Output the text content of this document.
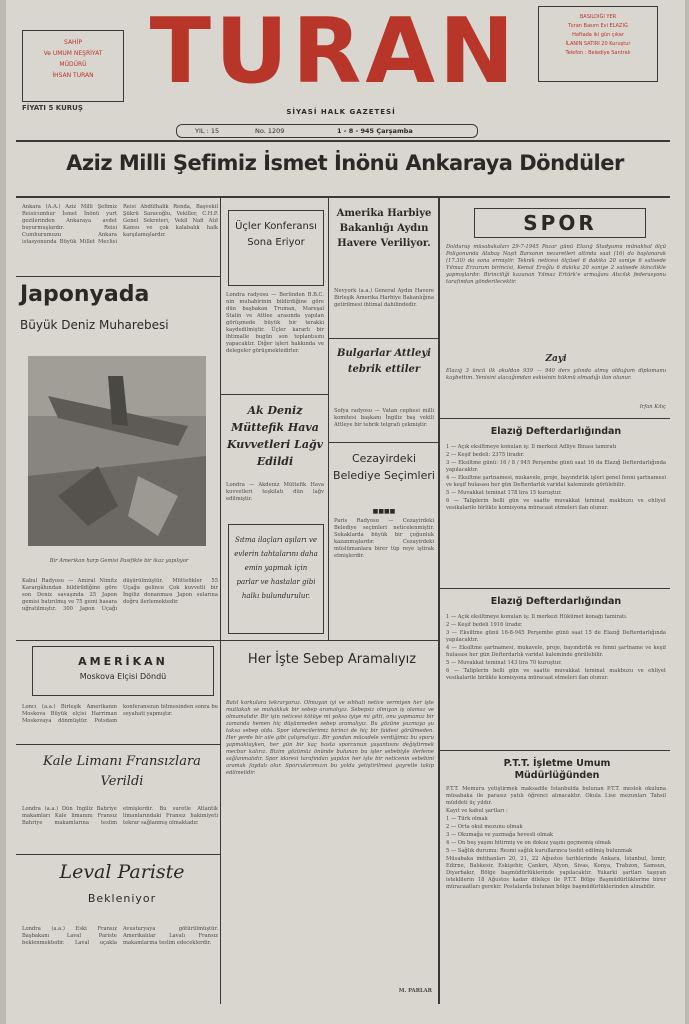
SAHİP
Ve UMUM NEŞRİYAT
MÜDÜRÜ
İHSAN TURAN TURAN	BASILDIĞI YER
Turan Basım Evi ELAZIĞ
Haftada iki gün çıkar
İLANIN SATIRI 20 Kuruştur
Telefon : Belediye Santralı
FİYATI 5 KURUŞ	SİYASİ HALK GAZETESİ
YIL : 15	No. 1209	1 - 8 - 945 Çarşamba
Aziz Milli Şefimiz İsmet İnönü Ankaraya Döndüler
Ankara (A.A.) Aziz Milli Şefimiz Reisicumhur İsmet İnönü yurt gezilerinden Ankaraya avdet buyurmuşlardır. Reisi Cumhurumuzu Ankara istasyonunda Büyük Millet Meclisi Reisi Abdülhalik Renda, Başvekil Şükrü Saracoğlu, Vekiller, C.H.P. Genel Sekreteri, Vekil Nafi Atıf Kansu ve çok kalabalık halk karşılamışlardır.
Japonyada
Büyük Deniz Muharebesi
Bir Amerikan harp Gemisi Pasifikte bir ikaz yapılıyor
Kabul Radyosu — Amiral Nimitz Karargâhından bildirildiğine göre son Deniz savaşında 25 Japon gemisi batırılmış ve 75 gemi hasara uğratılmıştır. 300 Japon Uçağı düşürülmüştür. Müttefikler 55 Uçağa gelince Çok kuvvetli bir İngiliz donanması Japon sularına doğru ilerlemektedir.
Üçler Konferansı Sona Eriyor
Londra radyosu — Berlinden B.B.C. nin muhabirinin bildirdiğine göre dün başbakan Truman, Mareşal Stalin ve Attlee arasında yapılan görüşmede büyük bir terakki kaydedilmiştir. Üçler kararlı bir ihtimalle bugün son toplantısını yapacaktır. Diğer işleri hakkında ve delegeler görüşmektedirler.
Ak Deniz Müttefik Hava Kuvvetleri Lağv Edildi
Londra — Akdeniz Müttefik Hava kuvvetleri teşkilatı dün lağv edilmiştir.
Sıtma ilaçları aşıları ve evlerin tahtalarını daha emin yapmak için parlar ve hastalar gibi halkı bulundurulur.
Amerika Harbiye Bakanlığı Aydın Havere Veriliyor.
Nevyork (a.a.) General Aydın Havere Birleşik Amerika Harbiye Bakanlığına getirilmesi ihtimal dahilindedir.
Bulgarlar Attleyi tebrik ettiler
Sofya radyosu — Vatan cephesi milli komitesi başkanı İngiliz baş vekili Attleye bir tebrik telgrafı çekmiştir.
Cezayirdeki Belediye Seçimleri
■■■■
Paris Radyosu — Cezayirdeki Belediye seçimleri neticelenmiştir. Sokaklarda büyük bir çoğunluk kazanmışlardır. Cezayirdeki müslümanlara birer tüp reye iştirak etmişlerdir.
SPOR
Dolduruş müsabakaları 29-7-1945 Pazar günü Elazığ Stadyumu münakhal ölçü Poligonunda Atabaş Naşit Barsanın nezaretleri altında saat (16) da başlanarak (17.30) da sona ermiştir. Teknik neticesi ölçüsel 6 dakika 20 saniye 6 salisede Yılmaz Erzurum birincisi, Kemal Eroğlu 6 dakika 20 saniye 2 salisede ikincilikle yapmışlardır. Birinciliği kazanan Yılmaz Ertürk'e armağanı Atıcılık federasyonu tarafından gönderilecektir.
Zayi
Elazığ 3 üncü ilk okuldan 939 — 940 ders yılında almış olduğum diplomamı kaybettim. Yenisini alacağımdan eskisinin hükmü olmadığı ilan olunur.
İrfan Kılıç
Elazığ Defterdarlığından

1 — Açık eksiltmeye konulan iş: İl merkezi Adliye Binası tamiratı

2 — Keşif bedeli: 2375 liradır.

3 — Eksiltme günü: 16 / 8 / 945 Perşembe günü saat 16 da Elazığ Defterdarlığında yapılacaktır.

4 — Eksiltme şartnamesi, mukavele, proje, bayındırlık işleri genel fenni şartnamesi ve keşif hulasası her gün Defterdarlık varidat kaleminde görülebilir.

5 — Muvakkat teminat 178 lira 15 kuruştur.

6 — Taliplerin belli gün ve saatte muvakkat teminat makbuzu ve ehliyet vesikalarile birlikte komisyona müracaat etmeleri ilan olunur.

Elazığ Defterdarlığından

1 — Açık eksiltmeye konulan iş: İl merkezi Hükümet konağı tamiratı.

2 — Keşif bedeli 1916 liradır.

3 — Eksiltme günü 16-8-945 Perşembe günü saat 15 de Elazığ Defterdarlığında yapılacaktır.

4 — Eksiltme şartnamesi, mukavele, proje, bayındırlık ve fenni şartname ve keşif hulasası her gün Defterdarlık varidat kaleminde görülebilir.

5 — Muvakkat teminat 143 lira 70 kuruştur.

6 — Taliplerin belli gün ve saatte muvakkat teminat makbuzu ve ehliyet vesikalarile birlikte komisyona müracaat etmeleri ilan olunur.

P.T.T. İşletme Umum Müdürlüğünden

P.T.T. Memuru yetiştirmek maksadile İstanbulda bulunan P.T.T. meslek okuluna müsabaka ile parasız yatılı öğrenci alınacaktır. Okula Lise mezunları Tahsil müddeti üç yıldır.

Kayıt ve kabul şartları :

1 — Türk olmak

2 — Orta okul mezunu olmak

3 — Okumağa ve yazmağa hevesli olmak

4 — On beş yaşını bitirmiş ve on dokuz yaşını geçmemiş olmak

5 — Sağlık durumu: Resmi sağlık kurullarınca tesbit edilmiş bulunmak

Müsabaka imtihanları 20, 21, 22 Ağustos tarihlerinde Ankara, İstanbul, İzmir, Edirne, Balıkesir, Eskişehir, Çankırı, Afyon, Sivas, Konya, Trabzon, Samsun, Diyarbakır, Bölge başmüdürlüklerinde yapılacaktır. Yukarki şartları taşıyan isteklilerin 18 Ağustos kadar dilekçe ile P.T.T. Bölge Başmüdürlüklerine birer müracaatları gerekir. Postalarda bulunan bölge başmüdürlüklerinden alınabilir.

AMERİKAN
Moskova Elçisi Döndü
Loncı (a.a.) Birleşik Amerikanın Moskova Büyük elçisi Harriman Moskovaya dönmüştür. Potsdam konferansının bitmesinden sonra bu seyahati yapmıştır.
Kale Limanı Fransızlara Verildi
Londra (a.a.) Dün İngiliz Bahriye makamları Kale limanını Fransız Bahriye makamlarına teslim etmişlerdir. Bu suretle Atlantik limanlarındaki Fransız hakimiyeti tekrar sağlanmış olmaktadır.
Leval Pariste
Bekleniyor
Londra (a.a.) Eski Fransız Başbakanı Laval Pariste beklenmektedir. Laval uçakla Avusturyaya götürülmüştür. Amerikalılar Lavalı Fransız makamlarına teslim edeceklerdir.
Her İşte Sebep Aramalıyız
Batıl korkulara tekraryoruz. Olmuyan iyi ve sıhhati netice vermiyen her işte mutlakah ve muhakkak bir sebep aramalıyız. Sebepsiz olmıyan iş olamaz ve olmamalıdır. Bir işin neticesi kötüye mi yoksa iyiye mi gitti, onu yapmamız bir zamanda hemen hiç düşünmeden sebep aramalıyız. Bu gözüne yazmaya şu taksa sebep oldu. Spor idarecilerimiz birinci de hiç bir faidesi görülmeden. Her yerde bir aile gibi çalışmalıyız. Bir yandan mücadele verdiğimiz bu sporu yapmaktayken, her gün bir kaç hasta sporcunun yaşantısını değiştirmek mecbur kalırız. Bizim gözümüz önünde bulunan bu işler sebebiyle ilerleme sağlanmalıdır. Spor idaresi tarafından yapılan her işte bir neticenin sebebini aramak faydalı olur. Sporcularımızın bu yolda yetiştirilmesi gayretle takip edilmelidir.
M. PARLAR
